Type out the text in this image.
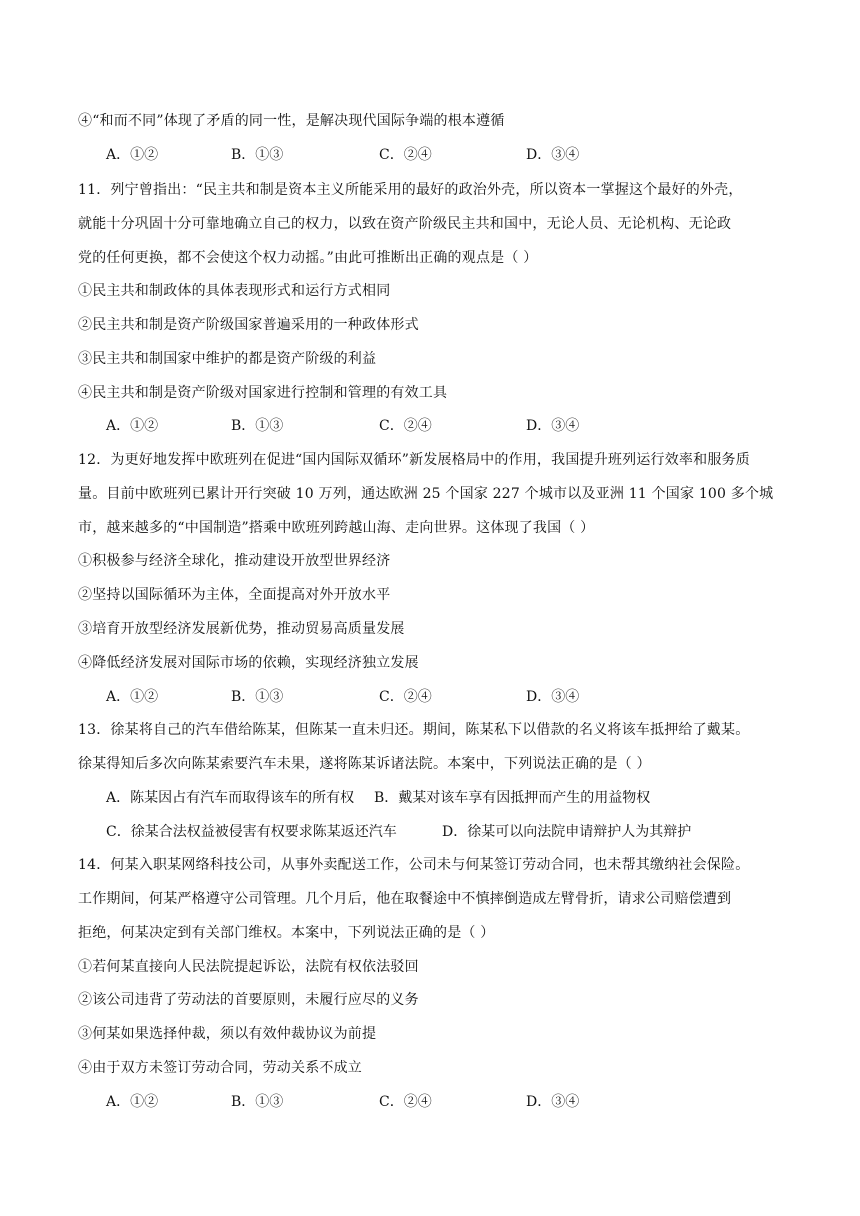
④“和而不同”体现了矛盾的同一性，是解决现代国际争端的根本遵循
A．①②	B．①③	C．②④	D．③④
11．列宁曾指出：“民主共和制是资本主义所能采用的最好的政治外壳，所以资本一掌握这个最好的外壳，
就能十分巩固十分可靠地确立自己的权力，以致在资产阶级民主共和国中，无论人员、无论机构、无论政
党的任何更换，都不会使这个权力动摇。”由此可推断出正确的观点是（ ）
①民主共和制政体的具体表现形式和运行方式相同
②民主共和制是资产阶级国家普遍采用的一种政体形式
③民主共和制国家中维护的都是资产阶级的利益
④民主共和制是资产阶级对国家进行控制和管理的有效工具
A．①②	B．①③	C．②④	D．③④
12．为更好地发挥中欧班列在促进“国内国际双循环”新发展格局中的作用，我国提升班列运行效率和服务质
量。目前中欧班列已累计开行突破 10 万列，通达欧洲 25 个国家 227 个城市以及亚洲 11 个国家 100 多个城
市，越来越多的“中国制造”搭乘中欧班列跨越山海、走向世界。这体现了我国（ ）
①积极参与经济全球化，推动建设开放型世界经济
②坚持以国际循环为主体，全面提高对外开放水平
③培育开放型经济发展新优势，推动贸易高质量发展
④降低经济发展对国际市场的依赖，实现经济独立发展
A．①②	B．①③	C．②④	D．③④
13．徐某将自己的汽车借给陈某，但陈某一直未归还。期间，陈某私下以借款的名义将该车抵押给了戴某。
徐某得知后多次向陈某索要汽车未果，遂将陈某诉诸法院。本案中，下列说法正确的是（ ）
A．陈某因占有汽车而取得该车的所有权 B．戴某对该车享有因抵押而产生的用益物权
C．徐某合法权益被侵害有权要求陈某返还汽车	D．徐某可以向法院申请辩护人为其辩护
14．何某入职某网络科技公司，从事外卖配送工作，公司未与何某签订劳动合同，也未帮其缴纳社会保险。
工作期间，何某严格遵守公司管理。几个月后，他在取餐途中不慎摔倒造成左臂骨折，请求公司赔偿遭到
拒绝，何某决定到有关部门维权。本案中，下列说法正确的是（ ）
①若何某直接向人民法院提起诉讼，法院有权依法驳回
②该公司违背了劳动法的首要原则，未履行应尽的义务
③何某如果选择仲裁，须以有效仲裁协议为前提
④由于双方未签订劳动合同，劳动关系不成立
A．①②	B．①③	C．②④	D．③④
